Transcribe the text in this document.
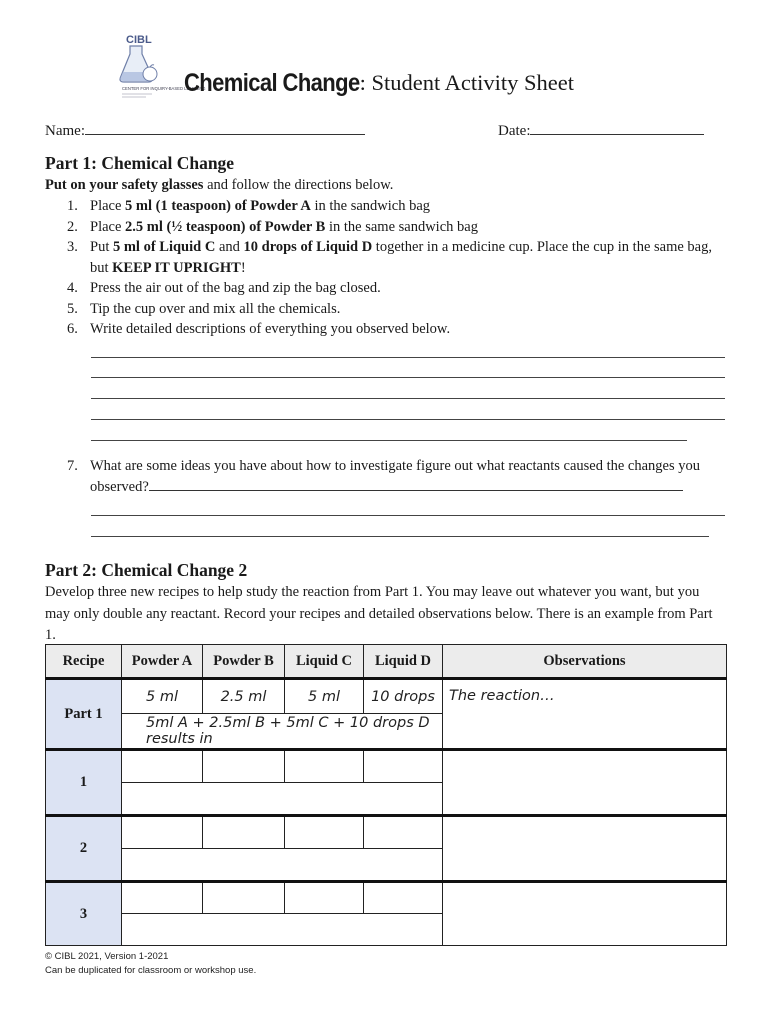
CIBL
CENTER FOR INQUIRY-BASED LEARNING
Chemical Change: Student Activity Sheet
Name:	Date:
Part 1: Chemical Change
Put on your safety glasses and follow the directions below.
1. Place 5 ml (1 teaspoon) of Powder A in the sandwich bag
2. Place 2.5 ml (½ teaspoon) of Powder B in the same sandwich bag
3. Put 5 ml of Liquid C and 10 drops of Liquid D together in a medicine cup. Place the cup in the same bag, but KEEP IT UPRIGHT!
4. Press the air out of the bag and zip the bag closed.
5. Tip the cup over and mix all the chemicals.
6. Write detailed descriptions of everything you observed below.
7. What are some ideas you have about how to investigate figure out what reactants caused the changes you observed?
Part 2: Chemical Change 2
Develop three new recipes to help study the reaction from Part 1. You may leave out whatever you want, but you may only double any reactant. Record your recipes and detailed observations below. There is an example from Part 1.
Recipe	Powder A	Powder B	Liquid C	Liquid D	Observations
Part 1	5 ml	2.5 ml	5 ml	10 drops	The reaction…
	5ml A + 2.5ml B + 5ml C + 10 drops D results in				
1					

2					

3					

© CIBL 2021, Version 1-2021
Can be duplicated for classroom or workshop use.
